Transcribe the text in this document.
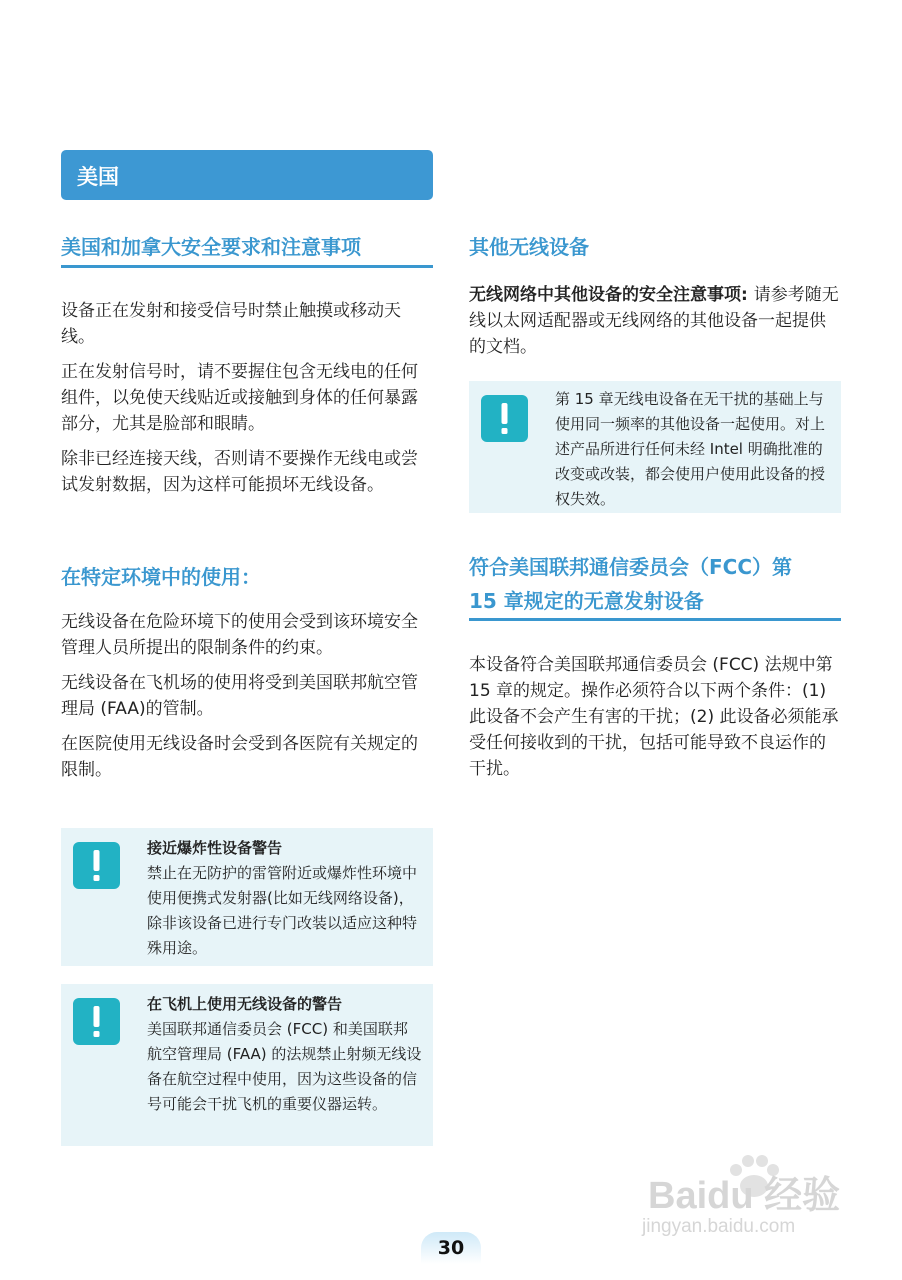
美国
美国和加拿大安全要求和注意事项

设备正在发射和接受信号时禁止触摸或移动天线。

正在发射信号时，请不要握住包含无线电的任何组件，以免使天线贴近或接触到身体的任何暴露部分，尤其是脸部和眼睛。

除非已经连接天线，否则请不要操作无线电或尝试发射数据，因为这样可能损坏无线设备。

在特定环境中的使用：

无线设备在危险环境下的使用会受到该环境安全管理人员所提出的限制条件的约束。

无线设备在飞机场的使用将受到美国联邦航空管理局 (FAA)的管制。

在医院使用无线设备时会受到各医院有关规定的限制。

接近爆炸性设备警告
禁止在无防护的雷管附近或爆炸性环境中使用便携式发射器(比如无线网络设备)，除非该设备已进行专门改装以适应这种特殊用途。
在飞机上使用无线设备的警告
美国联邦通信委员会 (FCC) 和美国联邦航空管理局 (FAA) 的法规禁止射频无线设备在航空过程中使用，因为这些设备的信号可能会干扰飞机的重要仪器运转。
其他无线设备

无线网络中其他设备的安全注意事项: 请参考随无线以太网适配器或无线网络的其他设备一起提供的文档。

第 15 章无线电设备在无干扰的基础上与使用同一频率的其他设备一起使用。对上述产品所进行任何未经 Intel 明确批准的改变或改装，都会使用户使用此设备的授权失效。
符合美国联邦通信委员会（FCC）第
15 章规定的无意发射设备

本设备符合美国联邦通信委员会 (FCC) 法规中第 15 章的规定。操作必须符合以下两个条件：(1) 此设备不会产生有害的干扰；(2) 此设备必须能承受任何接收到的干扰，包括可能导致不良运作的干扰。

30
Baidu 经验
jingyan.baidu.com
